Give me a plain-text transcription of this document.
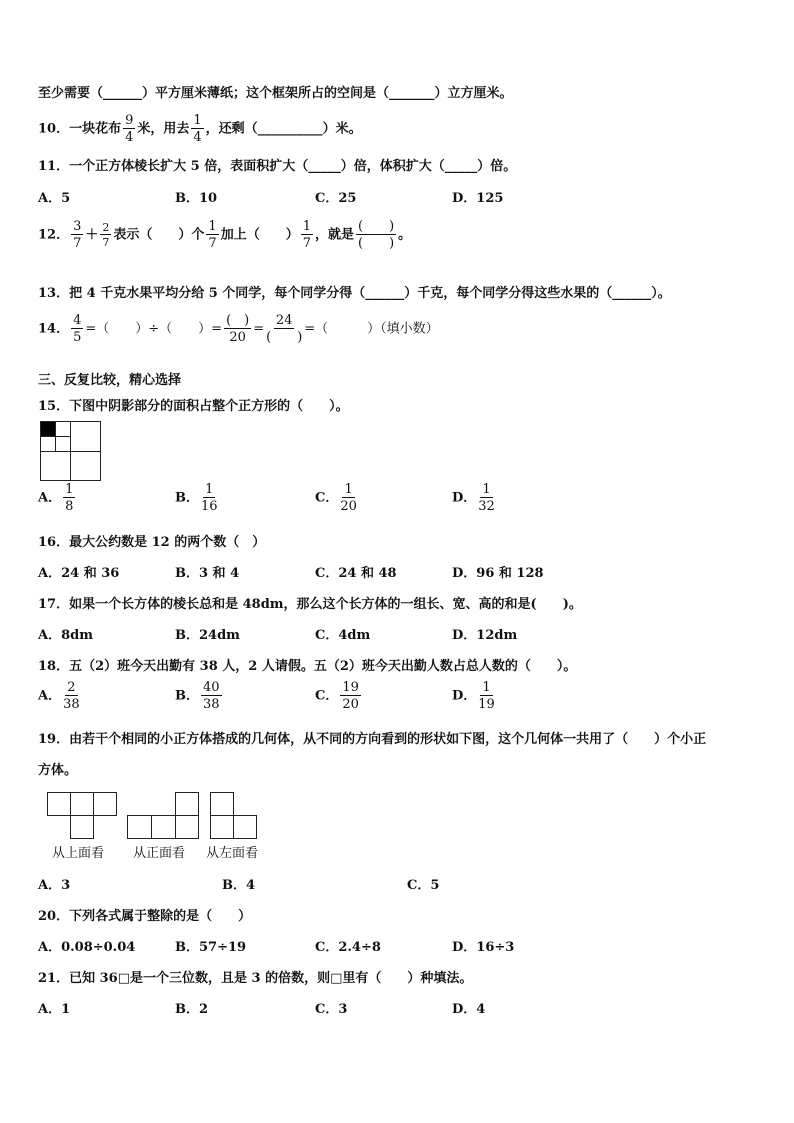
至少需要（______）平方厘米薄纸；这个框架所占的空间是（_______）立方厘米。
10．一块花布 $\frac{9}{4}$ 米，用去 $\frac{1}{4}$ ，还剩（__________）米。
11．一个正方体棱长扩大 5 倍，表面积扩大（_____）倍，体积扩大（_____）倍。
A．5	B．10	C．25	D．125
12． $\frac{3}{7} + \frac{2}{7}$ 表示（　　）个 $\frac{1}{7}$ 加上（　　） $\frac{1}{7}$ ，就是 $\frac{( )}{( )}$ 。
13．把 4 千克水果平均分给 5 个同学，每个同学分得（______）千克，每个同学分得这些水果的（______）。
14． $\frac{4}{5}$ =（　　）÷（　　）= $\frac{( )}{20} = \frac{24}{( )}$ =（　　　）（填小数）
三、反复比较，精心选择
15．下图中阴影部分的面积占整个正方形的（　　）。
A． $\frac{1}{8}$	B． $\frac{1}{16}$	C． $\frac{1}{20}$	D． $\frac{1}{32}$
16．最大公约数是 12 的两个数（　）
A．24 和 36	B．3 和 4	C．24 和 48	D．96 和 128
17．如果一个长方体的棱长总和是 48dm，那么这个长方体的一组长、宽、高的和是(　　)。
A．8dm	B．24dm	C．4dm	D．12dm
18．五（2）班今天出勤有 38 人，2 人请假。五（2）班今天出勤人数占总人数的（　　）。
A． $\frac{2}{38}$	B． $\frac{40}{38}$	C． $\frac{19}{20}$	D． $\frac{1}{19}$
19．由若干个相同的小正方体搭成的几何体，从不同的方向看到的形状如下图，这个几何体一共用了（　　）个小正
方体。
从上面看 从正面看 从左面看
A．3	B．4	C．5
20．下列各式属于整除的是（　　）
A．0.08÷0.04	B．57÷19	C．2.4÷8	D．16÷3
21．已知 36□是一个三位数，且是 3 的倍数，则□里有（　　）种填法。
A．1	B．2	C．3	D．4
